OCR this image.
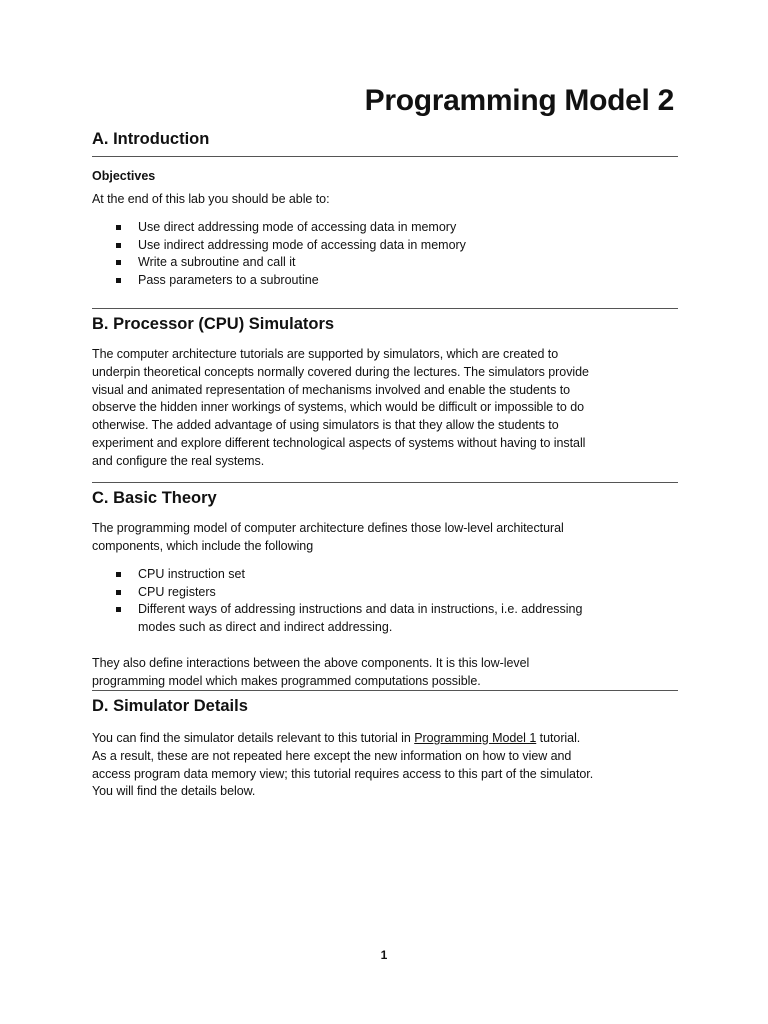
Programming Model 2
A. Introduction
Objectives

At the end of this lab you should be able to:

Use direct addressing mode of accessing data in memory
Use indirect addressing mode of accessing data in memory
Write a subroutine and call it
Pass parameters to a subroutine
B. Processor (CPU) Simulators

The computer architecture tutorials are supported by simulators, which are created to
underpin theoretical concepts normally covered during the lectures. The simulators provide
visual and animated representation of mechanisms involved and enable the students to
observe the hidden inner workings of systems, which would be difficult or impossible to do
otherwise. The added advantage of using simulators is that they allow the students to
experiment and explore different technological aspects of systems without having to install
and configure the real systems.

C. Basic Theory

The programming model of computer architecture defines those low-level architectural
components, which include the following

CPU instruction set
CPU registers
Different ways of addressing instructions and data in instructions, i.e. addressing
modes such as direct and indirect addressing.

They also define interactions between the above components. It is this low-level
programming model which makes programmed computations possible.

D. Simulator Details

You can find the simulator details relevant to this tutorial in Programming Model 1 tutorial.
As a result, these are not repeated here except the new information on how to view and
access program data memory view; this tutorial requires access to this part of the simulator.
You will find the details below.

1
